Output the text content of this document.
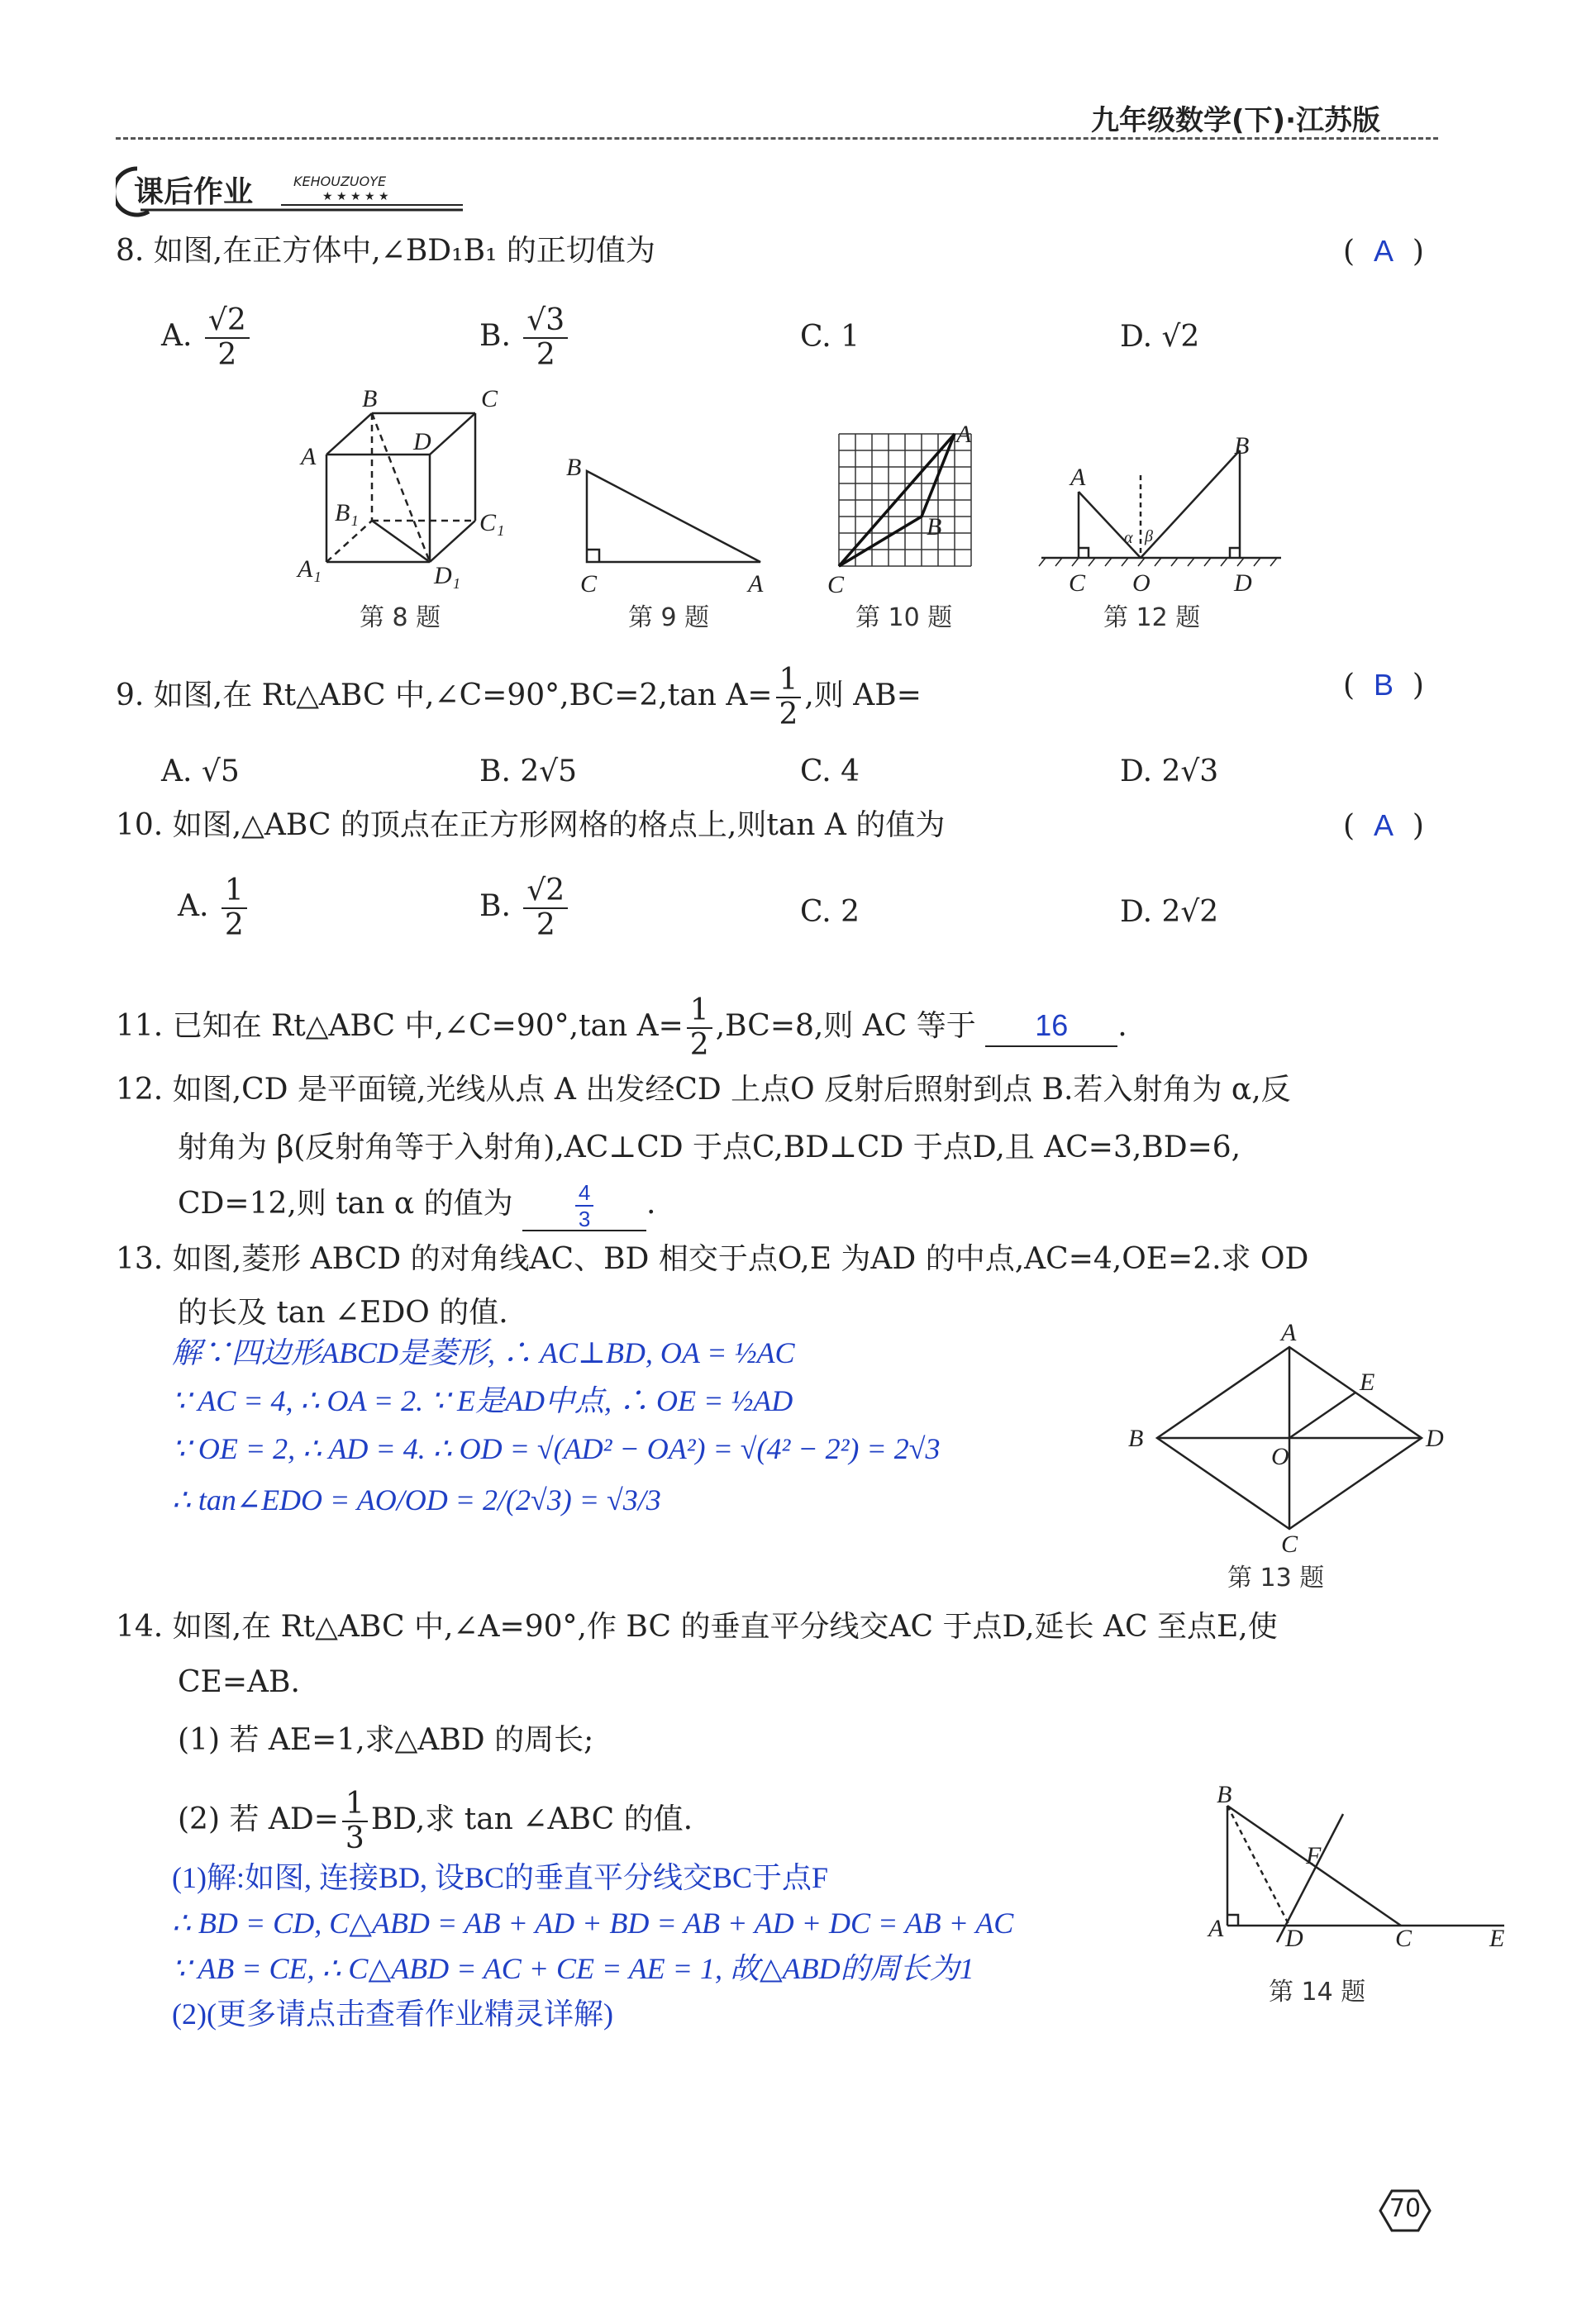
九年级数学(下)·江苏版
课后作业	KEHOUZUOYE
★ ★ ★ ★ ★
8. 如图,在正方体中,∠BD₁B₁ 的正切值为	(  A  )
A. $\frac{√2}{2}$	B. $\frac{√3}{2}$	C. 1	D. √2
B	C
A
D
B₁	C₁
A₁	D₁
第 8 题
B
C	A
第 9 题
A
B
C
第 10 题
A
B
C O	D
α β
第 12 题
9. 如图,在 Rt△ABC 中,∠C=90°,BC=2,tan $A= \frac{1}{2}$ ,则 AB=	(  B  )
A. √5	B. 2√5	C. 4	D. 2√3
10. 如图,△ABC 的顶点在正方形网格的格点上,则tan A 的值为	(  A  )
A. $\frac{1}{2}$	B. $\frac{√2}{2}$	C. 2	D. 2√2
11. 已知在 Rt△ABC 中,∠C=90°,tan $A= \frac{1}{2} ,BC=8$,则 AC 等于 16 .
12. 如图,CD 是平面镜,光线从点 A 出发经CD 上点O 反射后照射到点 B.若入射角为 α,反
射角为 β(反射角等于入射角),AC⊥CD 于点C,BD⊥CD 于点D,且 AC=3,BD=6,
CD=12,则 tan α 的值为	$\frac{4}{3}$ .
13. 如图,菱形 ABCD 的对角线AC、BD 相交于点O,E 为AD 的中点,AC=4,OE=2.求 OD
的长及 tan ∠EDO 的值.
解∵四边形ABCD是菱形, ∴ AC⊥BD, OA = ½AC
∵ AC = 4, ∴ OA = 2. ∵ E是AD中点, ∴ OE = ½AD
∵ OE = 2, ∴ AD = 4. ∴ OD = √(AD² − OA²) = √(4² − 2²) = 2√3
∴ tan∠EDO = AO/OD = 2/(2√3) = √3/3
A
E
B
O
D
C
第 13 题
14. 如图,在 Rt△ABC 中,∠A=90°,作 BC 的垂直平分线交AC 于点D,延长 AC 至点E,使
CE=AB.
(1) 若 AE=1,求△ABD 的周长;
(2) 若 $AD= \frac{1}{3}$ BD,求 tan ∠ABC 的值.
(1)解:如图, 连接BD, 设BC的垂直平分线交BC于点F
∴ BD = CD, C△ABD = AB + AD + BD = AB + AD + DC = AB + AC
∵ AB = CE, ∴ C△ABD = AC + CE = AE = 1, 故△ABD的周长为1
(2)(更多请点击查看作业精灵详解)
B
F
A D	C	E
第 14 题
70
